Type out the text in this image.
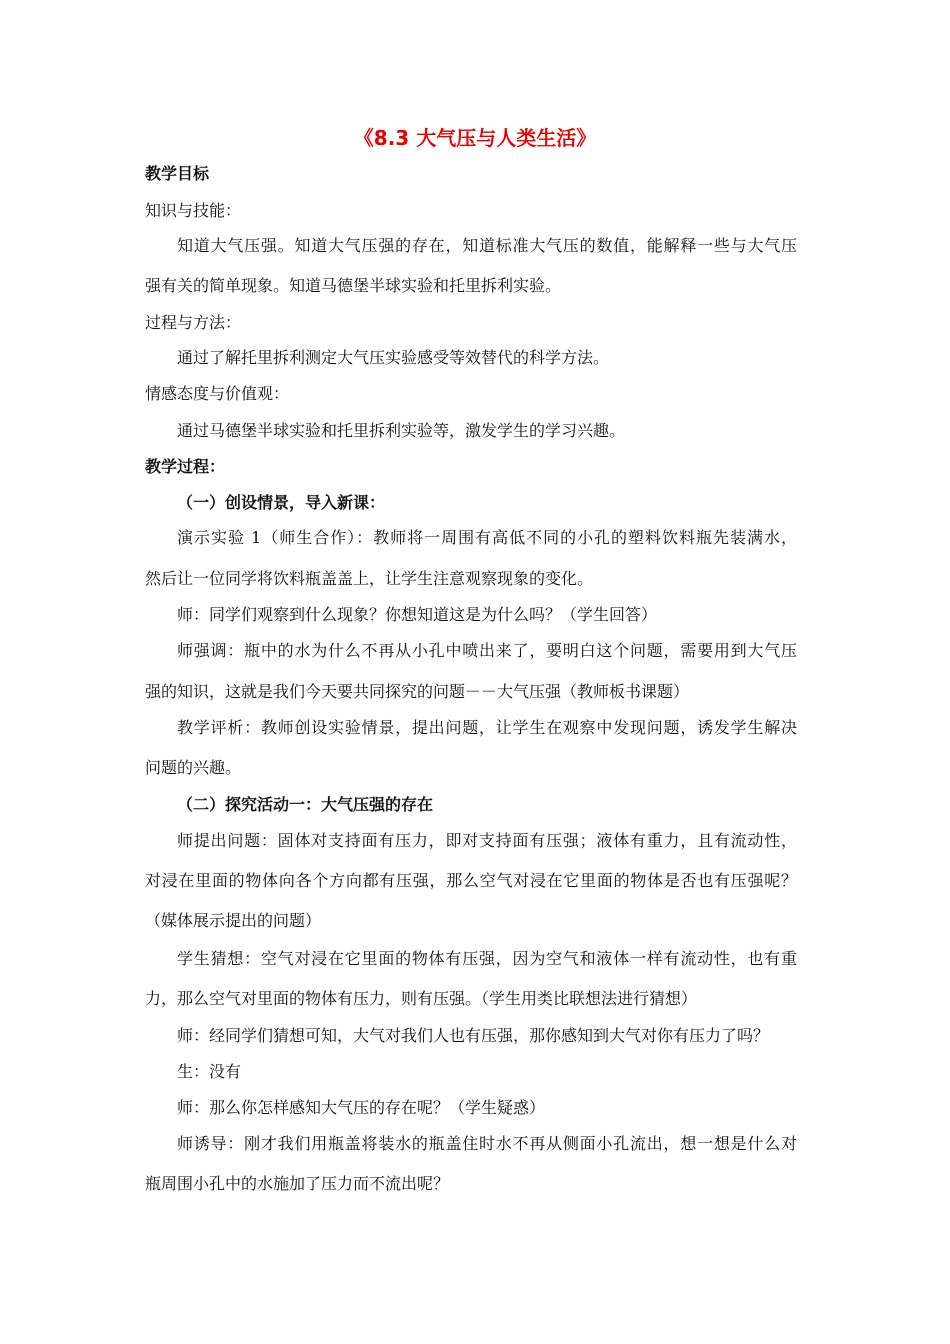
《8.3 大气压与人类生活》
教学目标
知识与技能：
知道大气压强。知道大气压强的存在，知道标准大气压的数值，能解释一些与大气压
强有关的简单现象。知道马德堡半球实验和托里拆利实验。
过程与方法：
通过了解托里拆利测定大气压实验感受等效替代的科学方法。
情感态度与价值观：
通过马德堡半球实验和托里拆利实验等，激发学生的学习兴趣。
教学过程：
（一）创设情景，导入新课：
演示实验 1（师生合作）：教师将一周围有高低不同的小孔的塑料饮料瓶先装满水，
然后让一位同学将饮料瓶盖盖上，让学生注意观察现象的变化。
师：同学们观察到什么现象？你想知道这是为什么吗？（学生回答）
师强调：瓶中的水为什么不再从小孔中喷出来了，要明白这个问题，需要用到大气压
强的知识，这就是我们今天要共同探究的问题－－大气压强（教师板书课题）
教学评析：教师创设实验情景，提出问题，让学生在观察中发现问题，诱发学生解决
问题的兴趣。
（二）探究活动一：大气压强的存在
师提出问题：固体对支持面有压力，即对支持面有压强；液体有重力，且有流动性，
对浸在里面的物体向各个方向都有压强，那么空气对浸在它里面的物体是否也有压强呢？
（媒体展示提出的问题）
学生猜想：空气对浸在它里面的物体有压强，因为空气和液体一样有流动性，也有重
力，那么空气对里面的物体有压力，则有压强。（学生用类比联想法进行猜想）
师：经同学们猜想可知，大气对我们人也有压强，那你感知到大气对你有压力了吗？
生：没有
师：那么你怎样感知大气压的存在呢？（学生疑惑）
师诱导：刚才我们用瓶盖将装水的瓶盖住时水不再从侧面小孔流出，想一想是什么对
瓶周围小孔中的水施加了压力而不流出呢？
